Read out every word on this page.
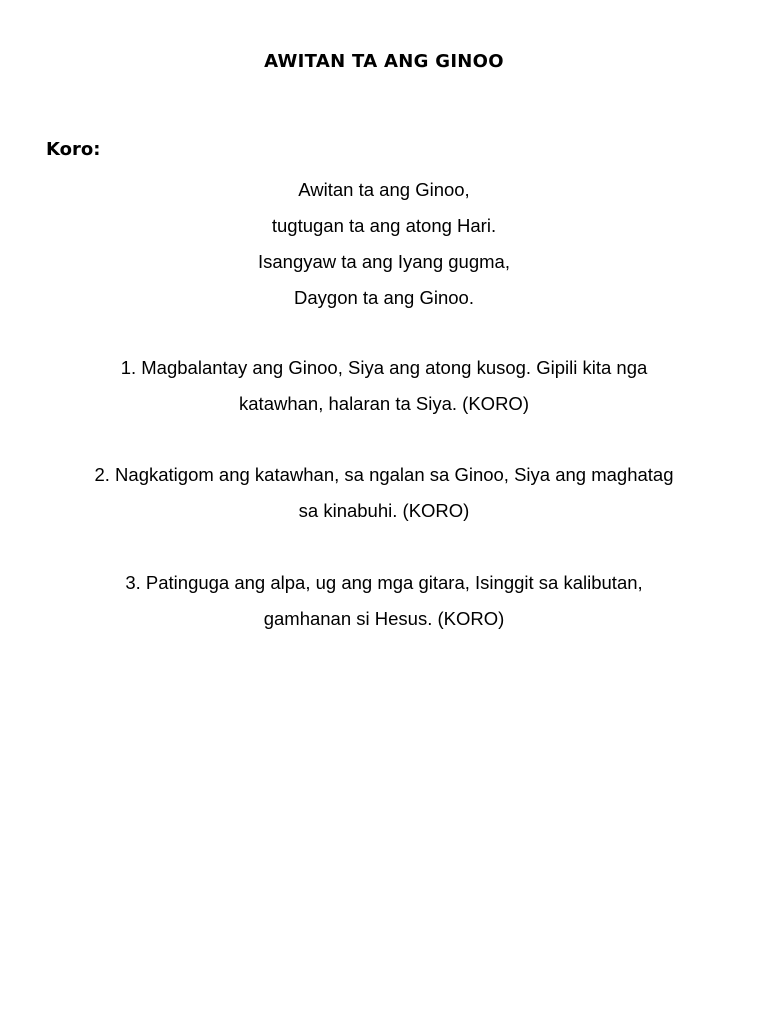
AWITAN TA ANG GINOO
Koro:
Awitan ta ang Ginoo,
tugtugan ta ang atong Hari.
Isangyaw ta ang Iyang gugma,
Daygon ta ang Ginoo.
1. Magbalantay ang Ginoo, Siya ang atong kusog. Gipili kita nga
katawhan, halaran ta Siya. (KORO)
2. Nagkatigom ang katawhan, sa ngalan sa Ginoo, Siya ang maghatag
sa kinabuhi. (KORO)
3. Patinguga ang alpa, ug ang mga gitara, Isinggit sa kalibutan,
gamhanan si Hesus. (KORO)
